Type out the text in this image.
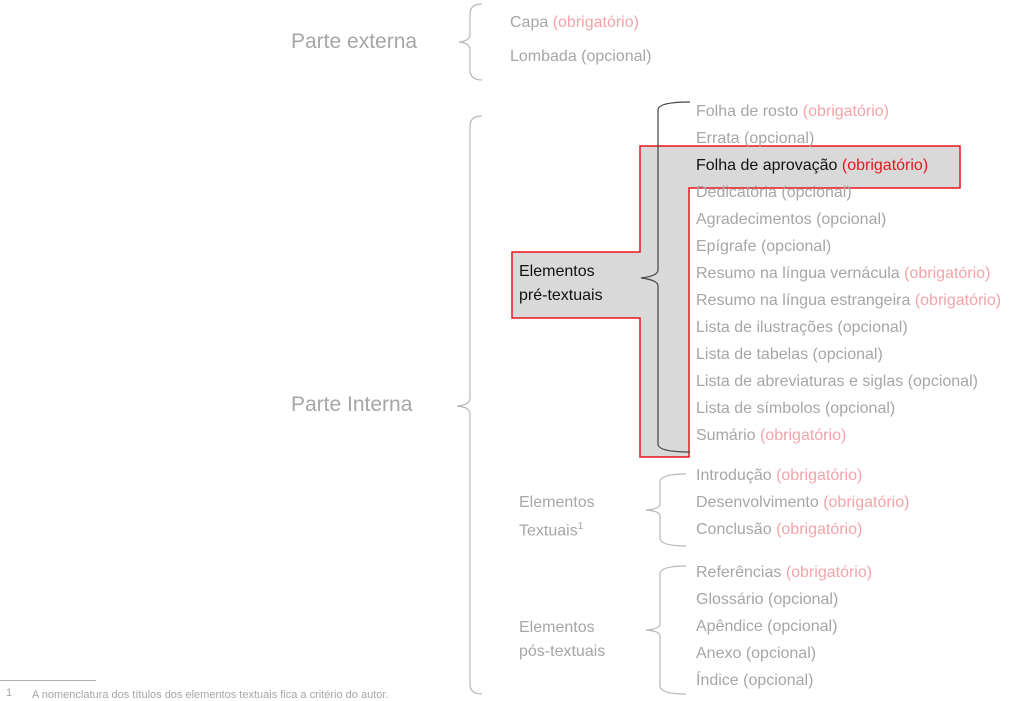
Parte externa
Capa (obrigatório)
Lombada (opcional)
Parte Interna
Elementos
pré-textuais
Folha de rosto (obrigatório)
Errata (opcional)
Folha de aprovação (obrigatório)
Dedicatória (opcional)
Agradecimentos (opcional)
Epígrafe (opcional)
Resumo na língua vernácula (obrigatório)
Resumo na língua estrangeira (obrigatório)
Lista de ilustrações (opcional)
Lista de tabelas (opcional)
Lista de abreviaturas e siglas (opcional)
Lista de símbolos (opcional)
Sumário (obrigatório)
Elementos
Textuais$^1$
Introdução (obrigatório)
Desenvolvimento (obrigatório)
Conclusão (obrigatório)
Elementos
pós-textuais
Referências (obrigatório)
Glossário (opcional)
Apêndice (opcional)
Anexo (opcional)
Índice (opcional)
1 A nomenclatura dos títulos dos elementos textuais fica a critério do autor.
